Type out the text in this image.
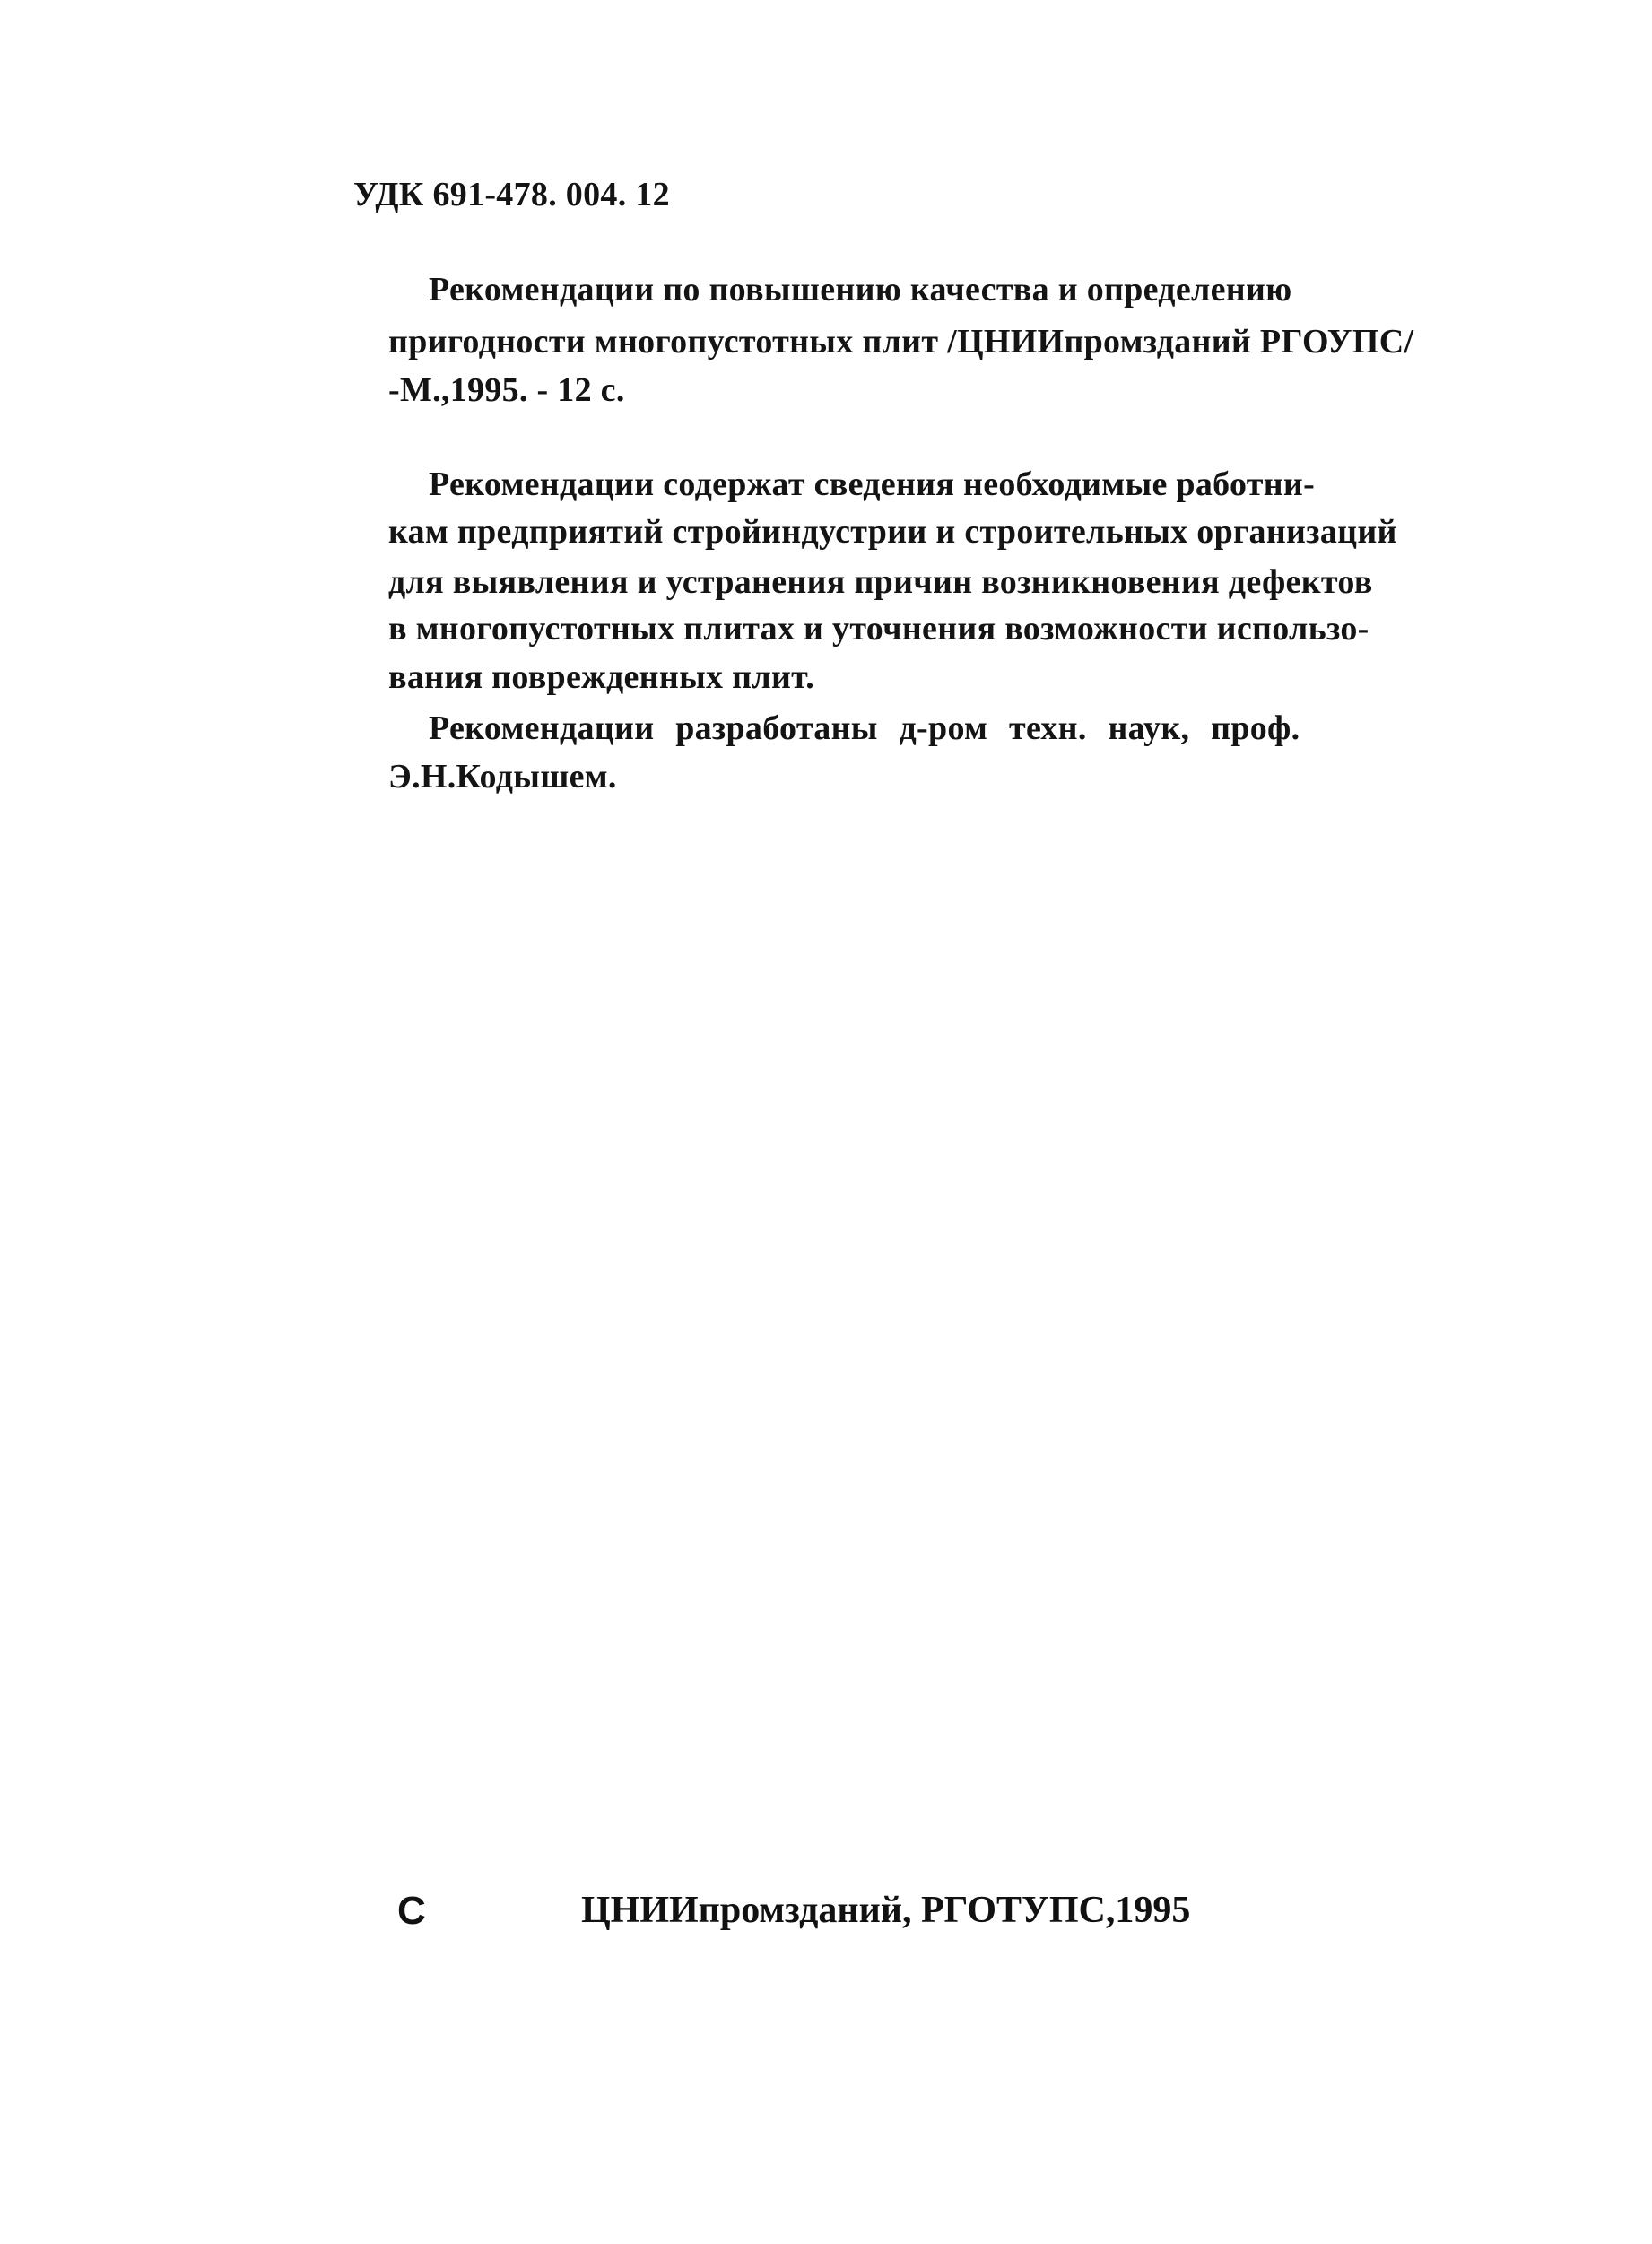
УДК 691-478. 004. 12
Рекомендации по повышению качества и определению
пригодности многопустотных плит /ЦНИИпромзданий РГОУПС/
-М.,1995. - 12 с.
Рекомендации содержат сведения необходимые работни-
кам предприятий стройиндустрии и строительных организаций
для выявления и устранения причин возникновения дефектов
в многопустотных плитах и уточнения возможности использо-
вания поврежденных плит.
Рекомендации разработаны д-ром техн. наук, проф.
Э.Н.Кодышем.
С	ЦНИИпромзданий, РГОТУПС,1995
